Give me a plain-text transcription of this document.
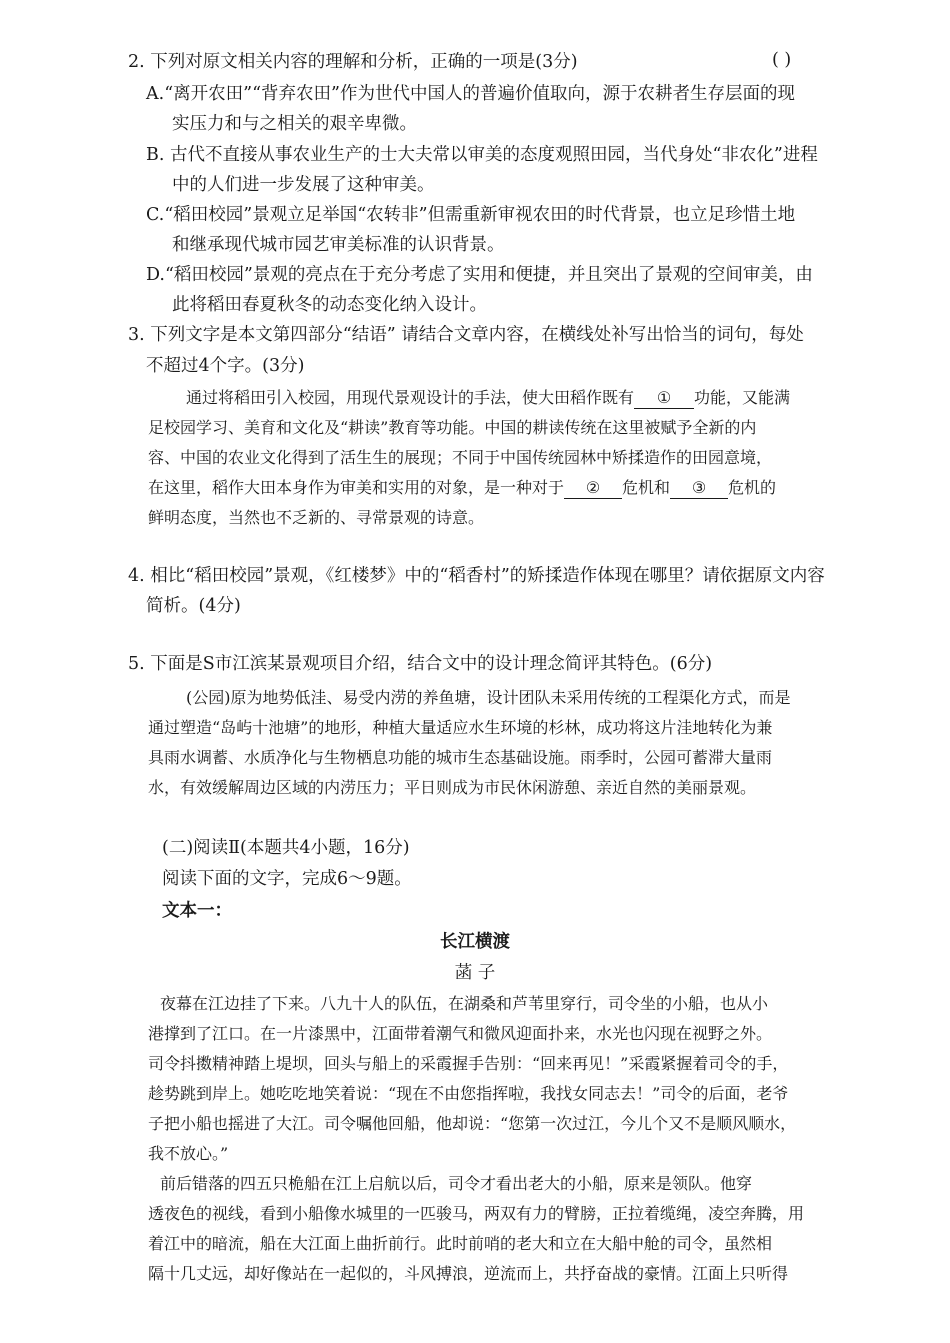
2. 下列对原文相关内容的理解和分析，正确的一项是(3分)	( )
A.“离开农田”“背弃农田”作为世代中国人的普遍价值取向，源于农耕者生存层面的现
实压力和与之相关的艰辛卑微。
B. 古代不直接从事农业生产的士大夫常以审美的态度观照田园，当代身处“非农化”进程
中的人们进一步发展了这种审美。
C.“稻田校园”景观立足举国“农转非”但需重新审视农田的时代背景，也立足珍惜土地
和继承现代城市园艺审美标准的认识背景。
D.“稻田校园”景观的亮点在于充分考虑了实用和便捷，并且突出了景观的空间审美，由
此将稻田春夏秋冬的动态变化纳入设计。
3. 下列文字是本文第四部分“结语” 请结合文章内容，在横线处补写出恰当的词句，每处
不超过4个字。(3分)
通过将稻田引入校园，用现代景观设计的手法，使大田稻作既有 ① 功能，又能满
足校园学习、美育和文化及“耕读”教育等功能。中国的耕读传统在这里被赋予全新的内
容、中国的农业文化得到了活生生的展现；不同于中国传统园林中矫揉造作的田园意境，
在这里，稻作大田本身作为审美和实用的对象，是一种对于 ② 危机和 ③ 危机的
鲜明态度，当然也不乏新的、寻常景观的诗意。
4. 相比“稻田校园”景观，《红楼梦》中的“稻香村”的矫揉造作体现在哪里？请依据原文内容
简析。(4分)
5. 下面是S市江滨某景观项目介绍，结合文中的设计理念简评其特色。(6分)
(公园)原为地势低洼、易受内涝的养鱼塘，设计团队未采用传统的工程渠化方式，而是
通过塑造“岛屿十池塘”的地形，种植大量适应水生环境的杉林，成功将这片洼地转化为兼
具雨水调蓄、水质净化与生物栖息功能的城市生态基础设施。雨季时，公园可蓄滞大量雨
水，有效缓解周边区域的内涝压力；平日则成为市民休闲游憩、亲近自然的美丽景观。
(二)阅读Ⅱ(本题共4小题，16分)
阅读下面的文字，完成6～9题。
文本一：
长江横渡
菡 子
夜幕在江边挂了下来。八九十人的队伍，在湖桑和芦苇里穿行，司令坐的小船，也从小
港撑到了江口。在一片漆黑中，江面带着潮气和微风迎面扑来，水光也闪现在视野之外。
司令抖擞精神踏上堤坝，回头与船上的采霞握手告别：“回来再见！”采霞紧握着司令的手，
趁势跳到岸上。她吃吃地笑着说：“现在不由您指挥啦，我找女同志去！”司令的后面，老爷
子把小船也摇进了大江。司令嘱他回船，他却说：“您第一次过江，今儿个又不是顺风顺水，
我不放心。”
前后错落的四五只桅船在江上启航以后，司令才看出老大的小船，原来是领队。他穿
透夜色的视线，看到小船像水城里的一匹骏马，两双有力的臂膀，正拉着缆绳，凌空奔腾，用
着江中的暗流，船在大江面上曲折前行。此时前哨的老大和立在大船中舱的司令，虽然相
隔十几丈远，却好像站在一起似的，斗风搏浪，逆流而上，共抒奋战的豪情。江面上只听得
